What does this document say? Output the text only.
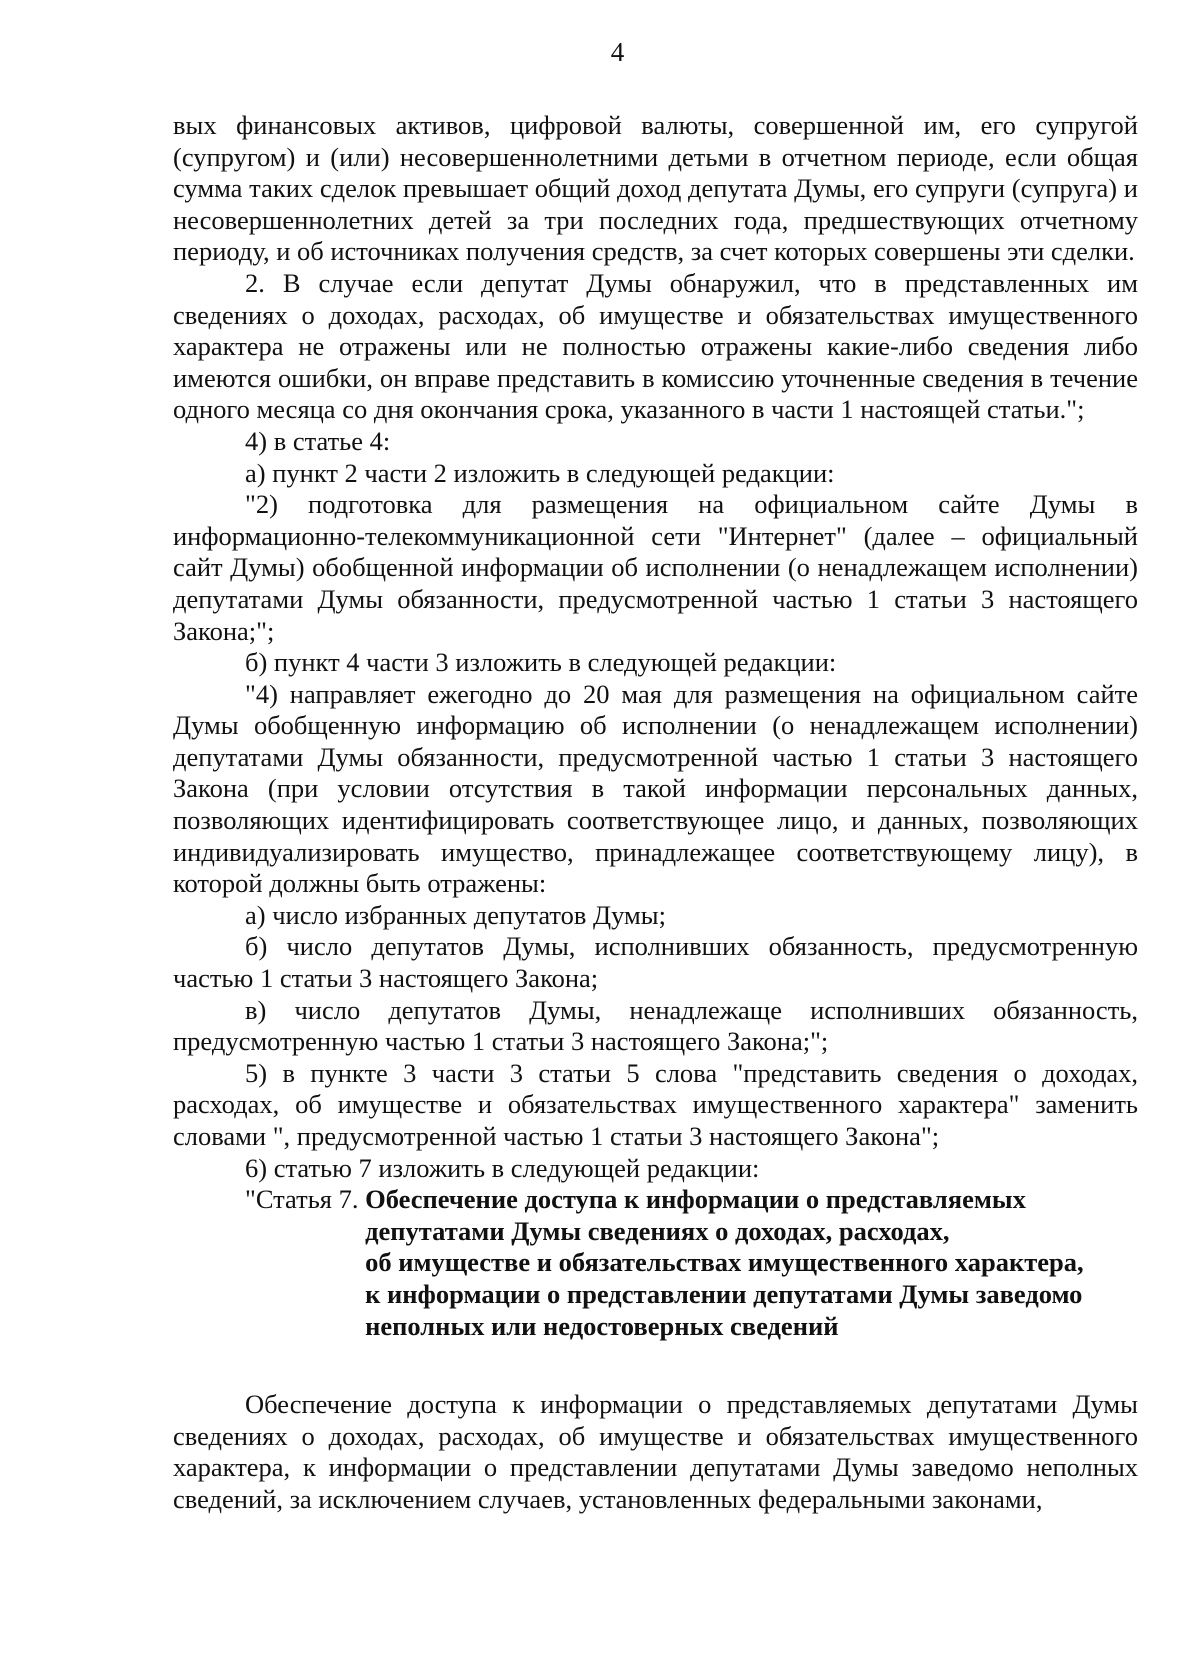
4

вых финансовых активов, цифровой валюты, совершенной им, его супругой (супругом) и (или) несовершеннолетними детьми в отчетном периоде, если общая сумма таких сделок превышает общий доход депутата Думы, его супруги (супруга) и несовершеннолетних детей за три последних года, предшествующих отчетному периоду, и об источниках получения средств, за счет которых совершены эти сделки.

2. В случае если депутат Думы обнаружил, что в представленных им сведениях о доходах, расходах, об имуществе и обязательствах имущественного характера не отражены или не полностью отражены какие-либо сведения либо имеются ошибки, он вправе представить в комиссию уточненные сведения в течение одного месяца со дня окончания срока, указанного в части 1 настоящей статьи.";

4) в статье 4:

а) пункт 2 части 2 изложить в следующей редакции:

"2) подготовка для размещения на официальном сайте Думы в информационно-телекоммуникационной сети "Интернет" (далее – официальный сайт Думы) обобщенной информации об исполнении (о ненадлежащем исполнении) депутатами Думы обязанности, предусмотренной частью 1 статьи 3 настоящего Закона;";

б) пункт 4 части 3 изложить в следующей редакции:

"4) направляет ежегодно до 20 мая для размещения на официальном сайте Думы обобщенную информацию об исполнении (о ненадлежащем исполнении) депутатами Думы обязанности, предусмотренной частью 1 статьи 3 настоящего Закона (при условии отсутствия в такой информации персональных данных, позволяющих идентифицировать соответствующее лицо, и данных, позволяющих индивидуализировать имущество, принадлежащее соответствующему лицу), в которой должны быть отражены:

а) число избранных депутатов Думы;

б) число депутатов Думы, исполнивших обязанность, предусмотренную частью 1 статьи 3 настоящего Закона;

в) число депутатов Думы, ненадлежаще исполнивших обязанность, предусмотренную частью 1 статьи 3 настоящего Закона;";

5) в пункте 3 части 3 статьи 5 слова "представить сведения о доходах, расходах, об имуществе и обязательствах имущественного характера" заменить словами ", предусмотренной частью 1 статьи 3 настоящего Закона";

6) статью 7 изложить в следующей редакции:

"Статья 7. Обеспечение доступа к информации о представляемых
депутатами Думы сведениях о доходах, расходах,
об имуществе и обязательствах имущественного характера,
к информации о представлении депутатами Думы заведомо
неполных или недостоверных сведений

Обеспечение доступа к информации о представляемых депутатами Думы сведениях о доходах, расходах, об имуществе и обязательствах имущественного характера, к информации о представлении депутатами Думы заведомо неполных сведений, за исключением случаев, установленных федеральными законами,
